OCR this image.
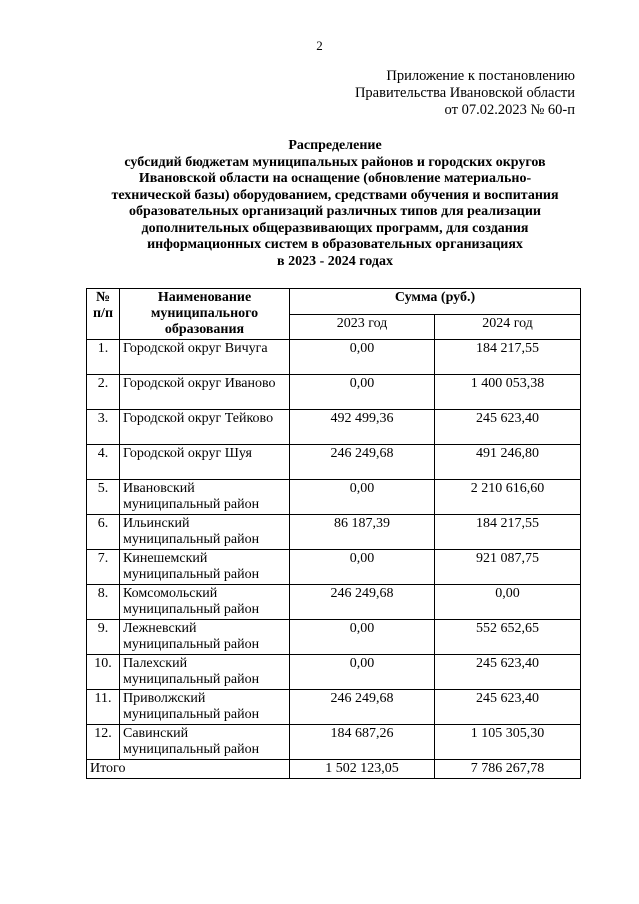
2
Приложение к постановлению
Правительства Ивановской области
от 07.02.2023 № 60-п
Распределение
субсидий бюджетам муниципальных районов и городских округов
Ивановской области на оснащение (обновление материально-
технической базы) оборудованием, средствами обучения и воспитания
образовательных организаций различных типов для реализации
дополнительных общеразвивающих программ, для создания
информационных систем в образовательных организациях
в 2023 - 2024 годах
№ п/п	Наименование муниципального образования	Сумма (руб.)	
		2023 год	2024 год
1.	Городской округ Вичуга	0,00	184 217,55
2.	Городской округ Иваново	0,00	1 400 053,38
3.	Городской округ Тейково	492 499,36	245 623,40
4.	Городской округ Шуя	246 249,68	491 246,80
5.	Ивановский муниципальный район	0,00	2 210 616,60
6.	Ильинский муниципальный район	86 187,39	184 217,55
7.	Кинешемский муниципальный район	0,00	921 087,75
8.	Комсомольский муниципальный район	246 249,68	0,00
9.	Лежневский муниципальный район	0,00	552 652,65
10.	Палехский муниципальный район	0,00	245 623,40
11.	Приволжский муниципальный район	246 249,68	245 623,40
12.	Савинский муниципальный район	184 687,26	1 105 305,30
Итого		1 502 123,05	7 786 267,78
